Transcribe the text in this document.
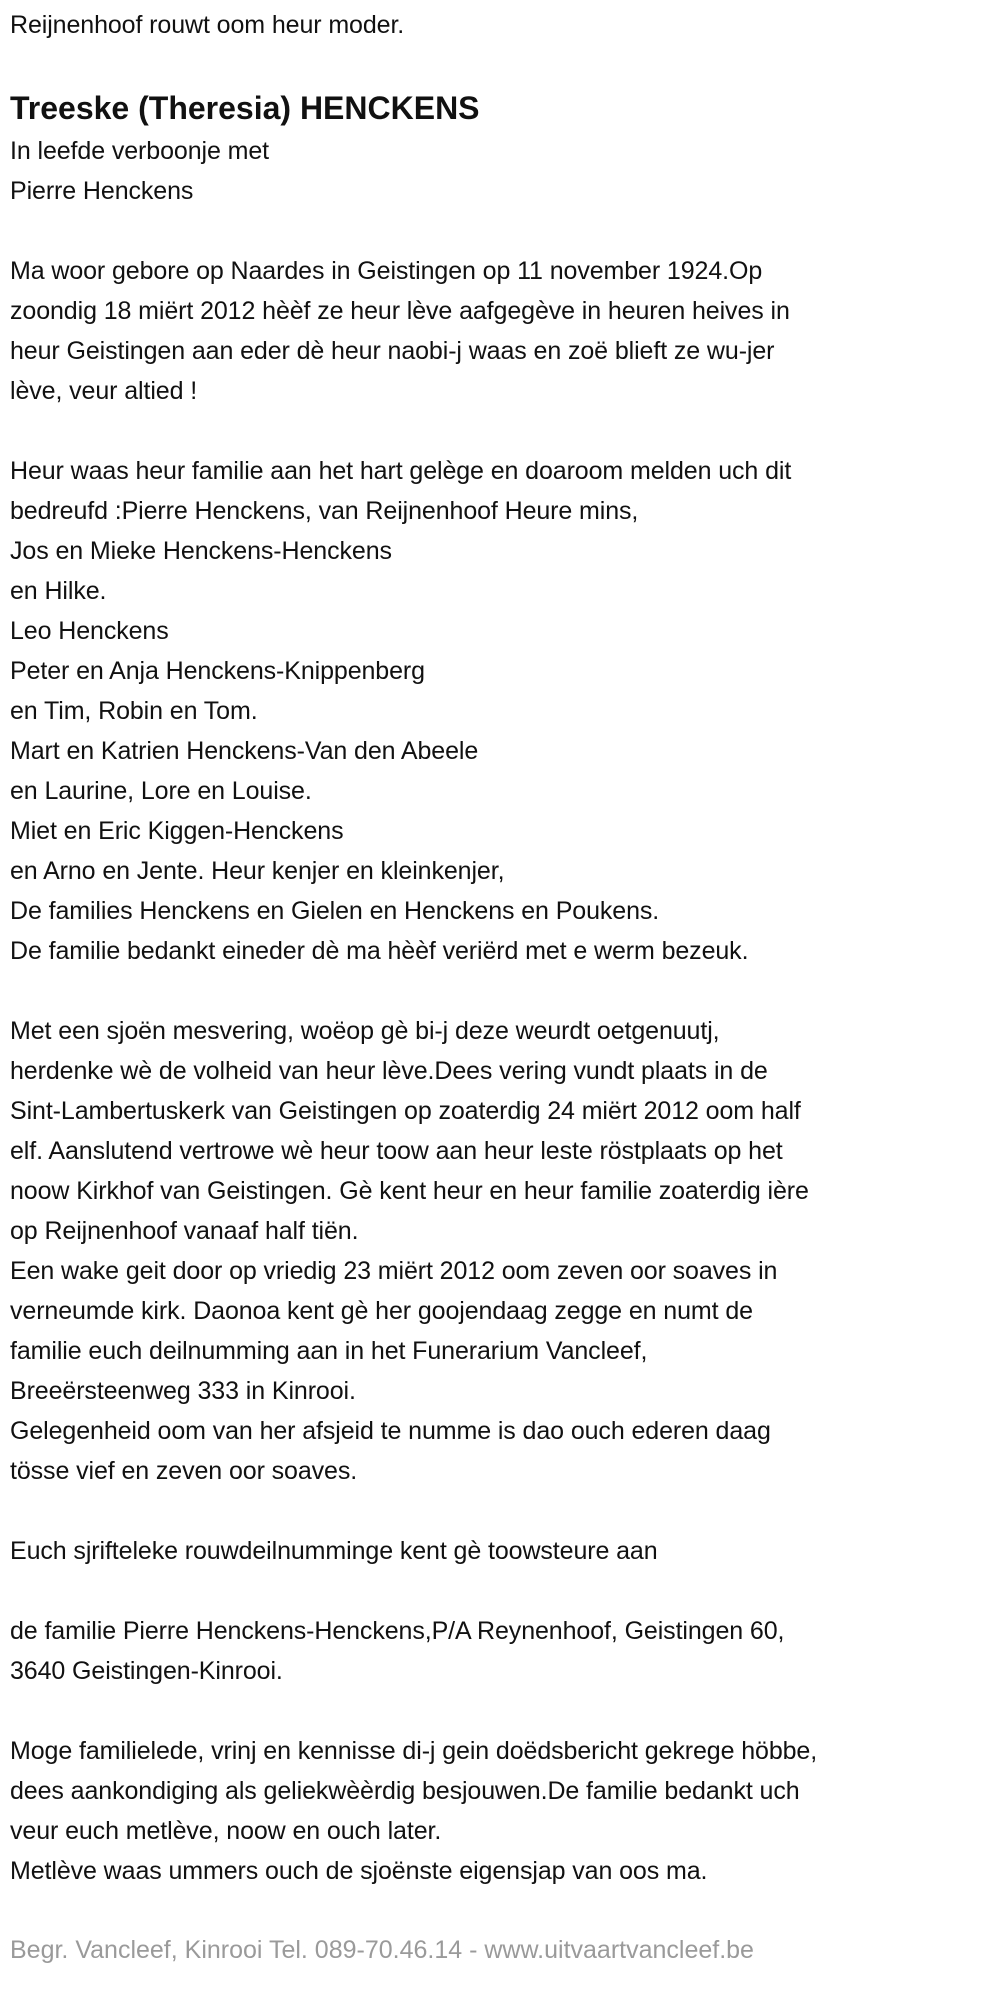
Reijnenhoof rouwt oom heur moder.
Treeske (Theresia) HENCKENS
In leefde verboonje met
Pierre Henckens
Ma woor gebore op Naardes in Geistingen op 11 november 1924.Op
zoondig 18 miërt 2012 hèèf ze heur lève aafgegève in heuren heives in
heur Geistingen aan eder dè heur naobi-j waas en zoë blieft ze wu-jer
lève, veur altied !
Heur waas heur familie aan het hart gelège en doaroom melden uch dit
bedreufd :Pierre Henckens, van Reijnenhoof Heure mins,
Jos en Mieke Henckens-Henckens
en Hilke.
Leo Henckens
Peter en Anja Henckens-Knippenberg
en Tim, Robin en Tom.
Mart en Katrien Henckens-Van den Abeele
en Laurine, Lore en Louise.
Miet en Eric Kiggen-Henckens
en Arno en Jente. Heur kenjer en kleinkenjer,
De families Henckens en Gielen en Henckens en Poukens.
De familie bedankt eineder dè ma hèèf veriërd met e werm bezeuk.
Met een sjoën mesvering, woëop gè bi-j deze weurdt oetgenuutj,
herdenke wè de volheid van heur lève.Dees vering vundt plaats in de
Sint-Lambertuskerk van Geistingen op zoaterdig 24 miërt 2012 oom half
elf. Aanslutend vertrowe wè heur toow aan heur leste röstplaats op het
noow Kirkhof van Geistingen. Gè kent heur en heur familie zoaterdig ière
op Reijnenhoof vanaaf half tiën.
Een wake geit door op vriedig 23 miërt 2012 oom zeven oor soaves in
verneumde kirk. Daonoa kent gè her goojendaag zegge en numt de
familie euch deilnumming aan in het Funerarium Vancleef,
Breeërsteenweg 333 in Kinrooi.
Gelegenheid oom van her afsjeid te numme is dao ouch ederen daag
tösse vief en zeven oor soaves.
Euch sjrifteleke rouwdeilnumminge kent gè toowsteure aan
de familie Pierre Henckens-Henckens,P/A Reynenhoof, Geistingen 60,
3640 Geistingen-Kinrooi.
Moge familielede, vrinj en kennisse di-j gein doëdsbericht gekrege höbbe,
dees aankondiging als geliekwèèrdig besjouwen.De familie bedankt uch
veur euch metlève, noow en ouch later.
Metlève waas ummers ouch de sjoënste eigensjap van oos ma.
Begr. Vancleef, Kinrooi Tel. 089-70.46.14 - www.uitvaartvancleef.be
